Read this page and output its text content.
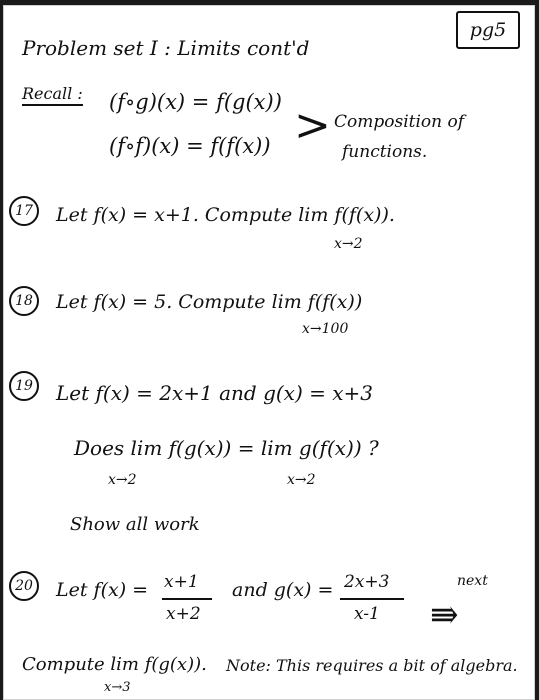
pg5
Problem set I : Limits cont'd
Recall : (f∘g)(x) = f(g(x))
(f∘f)(x) = f(f(x)) > Composition of
functions.
17 Let f(x) = x+1. Compute lim f(f(x)).
x→2
18 Let f(x) = 5. Compute lim f(f(x))
x→100
19 Let f(x) = 2x+1 and g(x) = x+3
Does lim f(g(x)) = lim g(f(x)) ?
x→2	x→2
Show all work
20 Let f(x) = x+1
x+2
and g(x) = 2x+3
x-1
next
⇛
Compute lim f(g(x)).
x→3
Note: This requires a bit of algebra.
